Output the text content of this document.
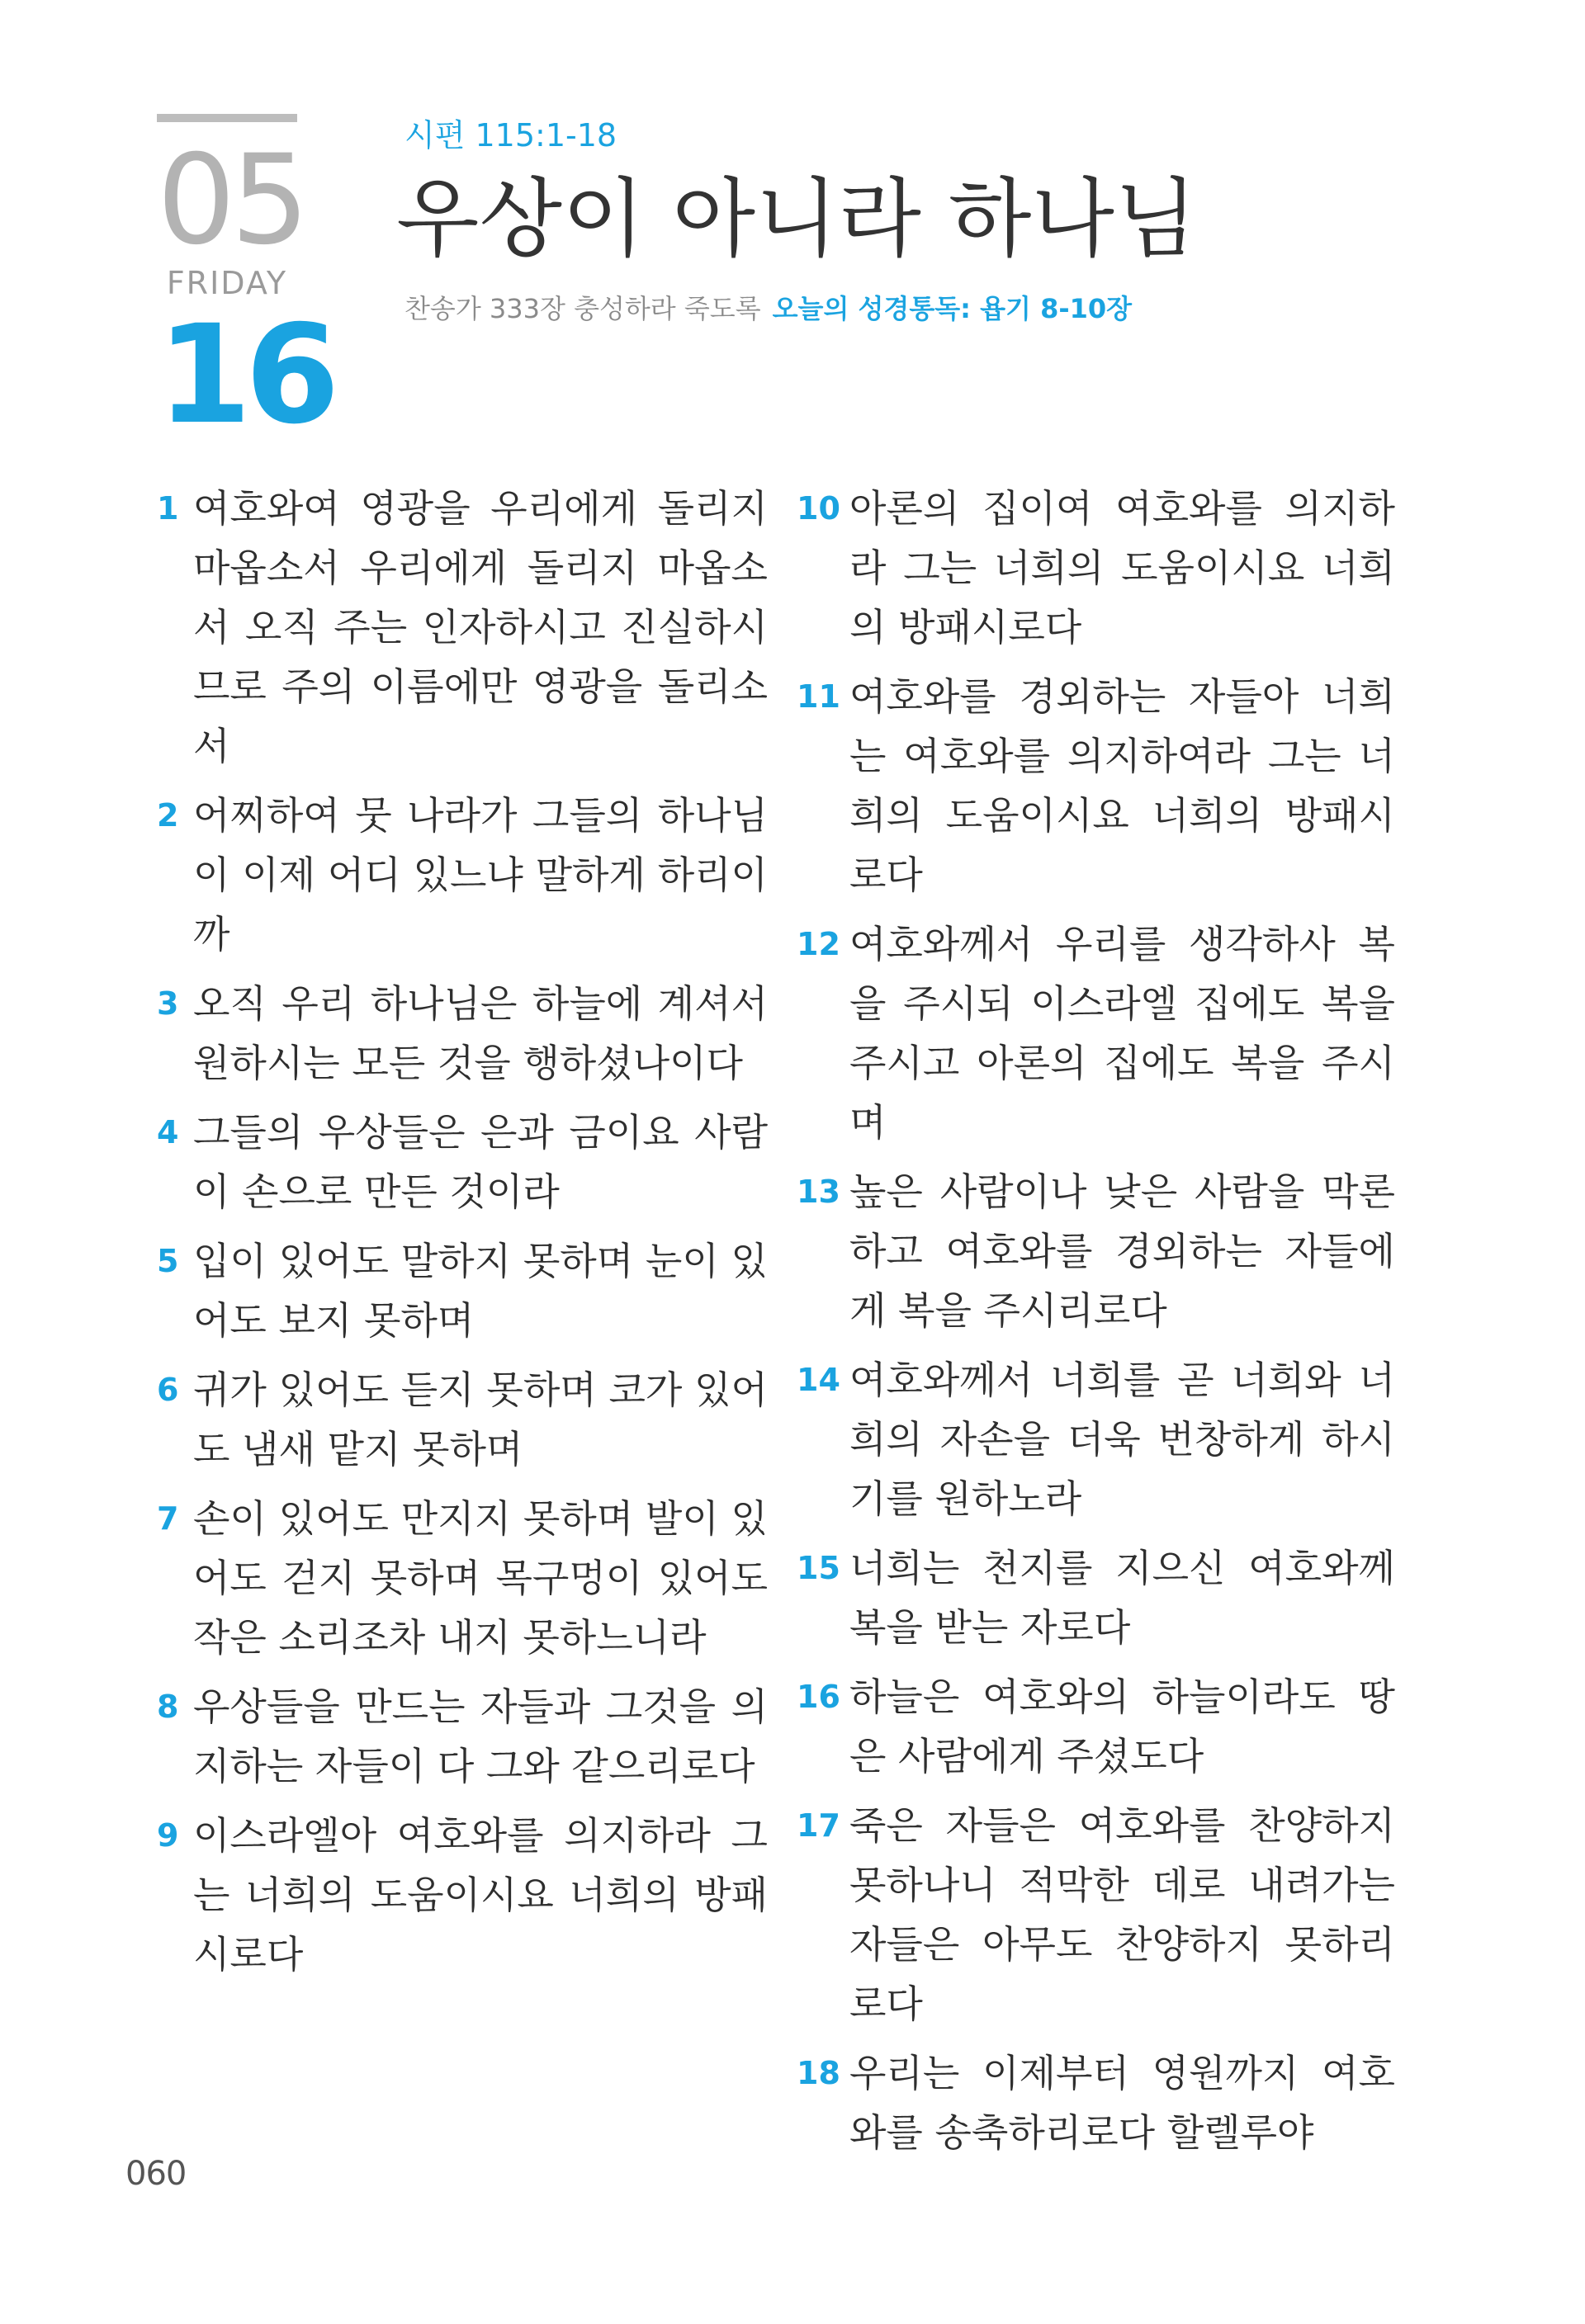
05
FRIDAY
16
시편 115:1-18
우상이 아니라 하나님
찬송가 333장 충성하라 죽도록 오늘의 성경통독: 욥기 8-10장
1 여호와여 영광을 우리에게 돌리지 마옵소서 우리에게 돌리지 마옵소서 오직 주는 인자하시고 진실하시므로 주의 이름에만 영광을 돌리소서
2 어찌하여 뭇 나라가 그들의 하나님이 이제 어디 있느냐 말하게 하리이까
3 오직 우리 하나님은 하늘에 계셔서 원하시는 모든 것을 행하셨나이다
4 그들의 우상들은 은과 금이요 사람이 손으로 만든 것이라
5 입이 있어도 말하지 못하며 눈이 있어도 보지 못하며
6 귀가 있어도 듣지 못하며 코가 있어도 냄새 맡지 못하며
7 손이 있어도 만지지 못하며 발이 있어도 걷지 못하며 목구멍이 있어도 작은 소리조차 내지 못하느니라
8 우상들을 만드는 자들과 그것을 의지하는 자들이 다 그와 같으리로다
9 이스라엘아 여호와를 의지하라 그는 너희의 도움이시요 너희의 방패시로다
10 아론의 집이여 여호와를 의지하라 그는 너희의 도움이시요 너희의 방패시로다
11 여호와를 경외하는 자들아 너희는 여호와를 의지하여라 그는 너희의 도움이시요 너희의 방패시로다
12 여호와께서 우리를 생각하사 복을 주시되 이스라엘 집에도 복을 주시고 아론의 집에도 복을 주시며
13 높은 사람이나 낮은 사람을 막론하고 여호와를 경외하는 자들에게 복을 주시리로다
14 여호와께서 너희를 곧 너희와 너희의 자손을 더욱 번창하게 하시기를 원하노라
15 너희는 천지를 지으신 여호와께 복을 받는 자로다
16 하늘은 여호와의 하늘이라도 땅은 사람에게 주셨도다
17 죽은 자들은 여호와를 찬양하지 못하나니 적막한 데로 내려가는 자들은 아무도 찬양하지 못하리로다
18 우리는 이제부터 영원까지 여호와를 송축하리로다 할렐루야
060
